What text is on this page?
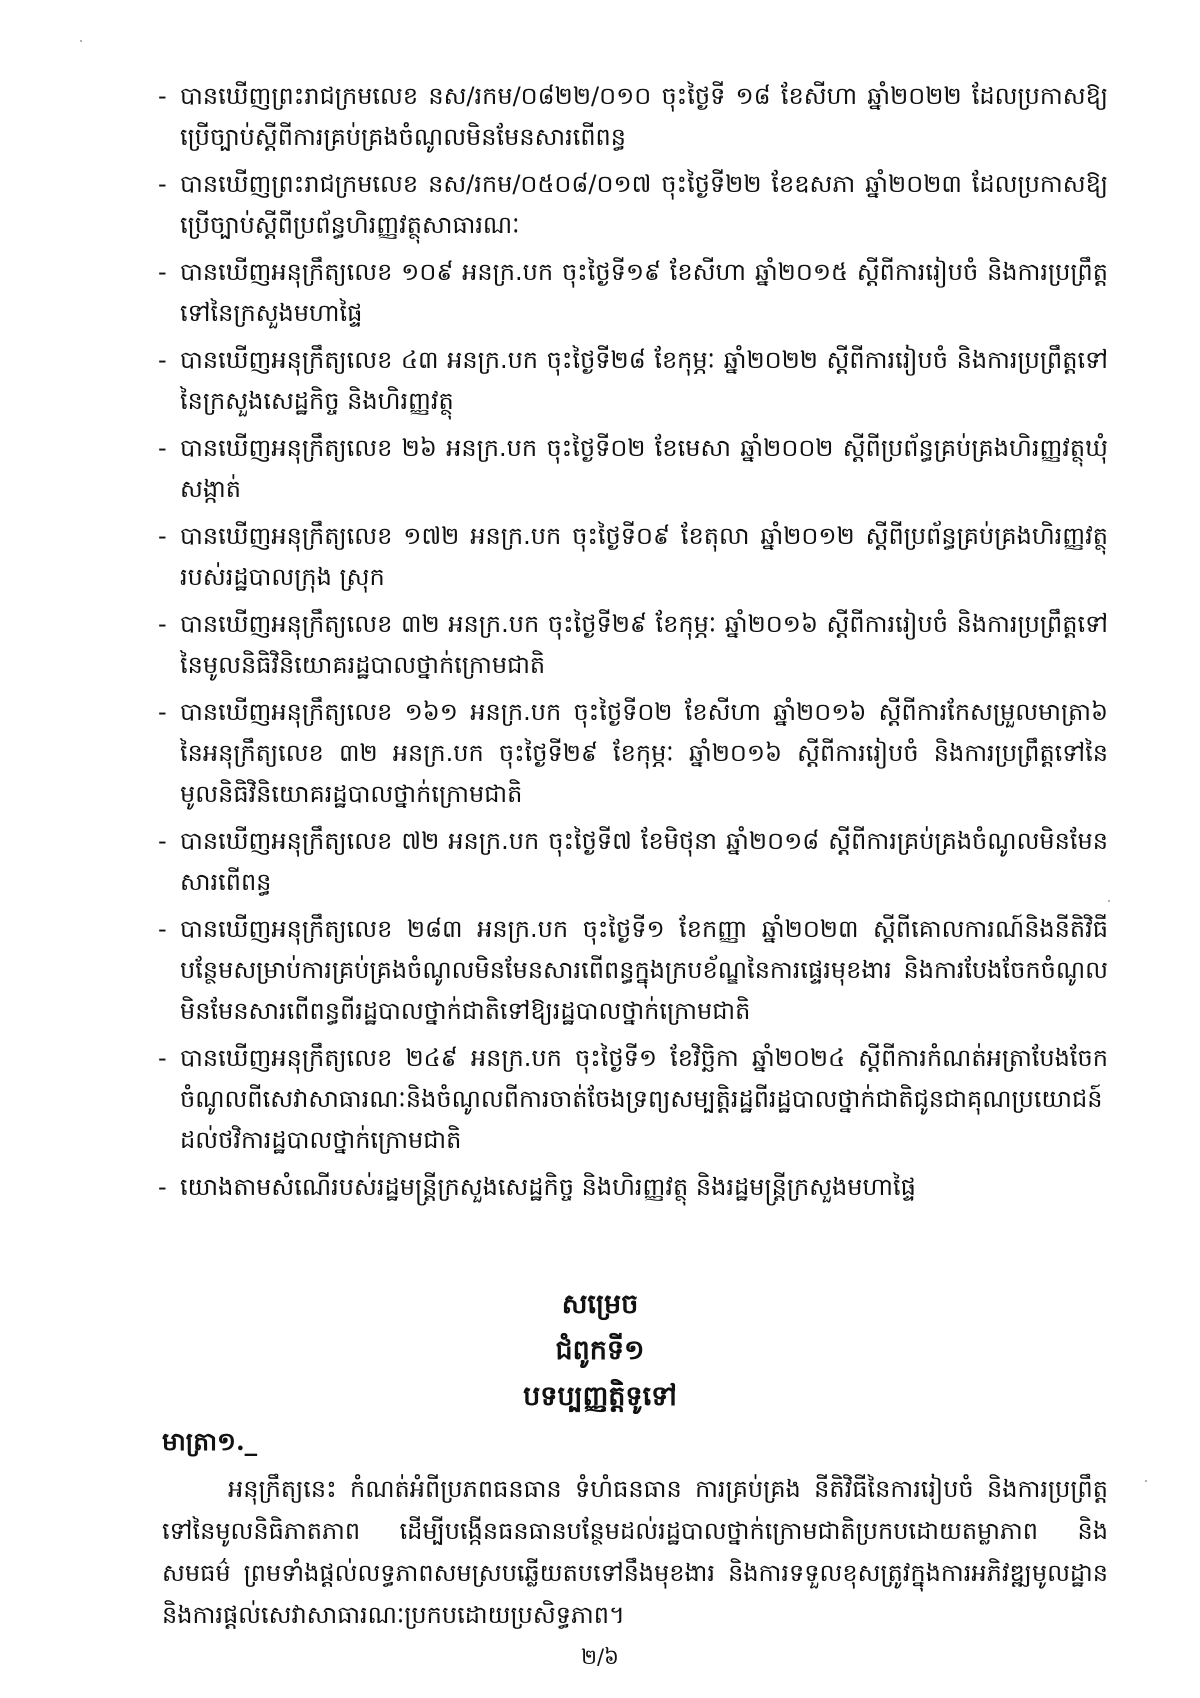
- បានឃើញព្រះរាជក្រមលេខ នស/រកម/០៨២២/០១០ ចុះថ្ងៃទី ១៨ ខែសីហា ឆ្នាំ២០២២ ដែលប្រកាសឱ្យប្រើច្បាប់ស្តីពីការគ្រប់គ្រងចំណូលមិនមែនសារពើពន្ធ
- បានឃើញព្រះរាជក្រមលេខ នស/រកម/០៥០៨/០១៧ ចុះថ្ងៃទី២២ ខែឧសភា ឆ្នាំ២០២៣ ដែលប្រកាសឱ្យប្រើច្បាប់ស្តីពីប្រព័ន្ធហិរញ្ញវត្ថុសាធារណៈ
- បានឃើញអនុក្រឹត្យលេខ ១០៩ អនក្រ.បក ចុះថ្ងៃទី១៩ ខែសីហា ឆ្នាំ២០១៥ ស្តីពីការរៀបចំ និងការប្រព្រឹត្តទៅនៃក្រសួងមហាផ្ទៃ
- បានឃើញអនុក្រឹត្យលេខ ៤៣ អនក្រ.បក ចុះថ្ងៃទី២៨ ខែកុម្ភៈ ឆ្នាំ២០២២ ស្តីពីការរៀបចំ និងការប្រព្រឹត្តទៅនៃក្រសួងសេដ្ឋកិច្ច និងហិរញ្ញវត្ថុ
- បានឃើញអនុក្រឹត្យលេខ ២៦ អនក្រ.បក ចុះថ្ងៃទី០២ ខែមេសា ឆ្នាំ២០០២ ស្តីពីប្រព័ន្ធគ្រប់គ្រងហិរញ្ញវត្ថុឃុំ សង្កាត់
- បានឃើញអនុក្រឹត្យលេខ ១៧២ អនក្រ.បក ចុះថ្ងៃទី០៩ ខែតុលា ឆ្នាំ២០១២ ស្តីពីប្រព័ន្ធគ្រប់គ្រងហិរញ្ញវត្ថុរបស់រដ្ឋបាលក្រុង ស្រុក
- បានឃើញអនុក្រឹត្យលេខ ៣២ អនក្រ.បក ចុះថ្ងៃទី២៩ ខែកុម្ភៈ ឆ្នាំ២០១៦ ស្តីពីការរៀបចំ និងការប្រព្រឹត្តទៅនៃមូលនិធិវិនិយោគរដ្ឋបាលថ្នាក់ក្រោមជាតិ
- បានឃើញអនុក្រឹត្យលេខ ១៦១ អនក្រ.បក ចុះថ្ងៃទី០២ ខែសីហា ឆ្នាំ២០១៦ ស្តីពីការកែសម្រួលមាត្រា៦ នៃអនុក្រឹត្យលេខ ៣២ អនក្រ.បក ចុះថ្ងៃទី២៩ ខែកុម្ភៈ ឆ្នាំ២០១៦ ស្តីពីការរៀបចំ និងការប្រព្រឹត្តទៅនៃមូលនិធិវិនិយោគរដ្ឋបាលថ្នាក់ក្រោមជាតិ
- បានឃើញអនុក្រឹត្យលេខ ៧២ អនក្រ.បក ចុះថ្ងៃទី៧ ខែមិថុនា ឆ្នាំ២០១៨ ស្តីពីការគ្រប់គ្រងចំណូលមិនមែនសារពើពន្ធ
- បានឃើញអនុក្រឹត្យលេខ ២៨៣ អនក្រ.បក ចុះថ្ងៃទី១ ខែកញ្ញា ឆ្នាំ២០២៣ ស្តីពីគោលការណ៍និងនីតិវិធីបន្ថែមសម្រាប់ការគ្រប់គ្រងចំណូលមិនមែនសារពើពន្ធក្នុងក្របខ័ណ្ឌនៃការផ្ទេរមុខងារ និងការបែងចែកចំណូលមិនមែនសារពើពន្ធពីរដ្ឋបាលថ្នាក់ជាតិទៅឱ្យរដ្ឋបាលថ្នាក់ក្រោមជាតិ
- បានឃើញអនុក្រឹត្យលេខ ២៤៩ អនក្រ.បក ចុះថ្ងៃទី១ ខែវិច្ឆិកា ឆ្នាំ២០២៤ ស្តីពីការកំណត់អត្រាបែងចែកចំណូលពីសេវាសាធារណៈនិងចំណូលពីការចាត់ចែងទ្រព្យសម្បត្តិរដ្ឋពីរដ្ឋបាលថ្នាក់ជាតិជូនជាគុណប្រយោជន៍ដល់ថវិការដ្ឋបាលថ្នាក់ក្រោមជាតិ
- យោងតាមសំណើរបស់រដ្ឋមន្ត្រីក្រសួងសេដ្ឋកិច្ច និងហិរញ្ញវត្ថុ និងរដ្ឋមន្ត្រីក្រសួងមហាផ្ទៃ

សម្រេច

ជំពូកទី១

បទប្បញ្ញត្តិទូទៅ

មាត្រា១._

អនុក្រឹត្យនេះ កំណត់អំពីប្រភពធនធាន ទំហំធនធាន ការគ្រប់គ្រង នីតិវិធីនៃការរៀបចំ និងការប្រព្រឹត្តទៅនៃមូលនិធិភាតភាព ដើម្បីបង្កើនធនធានបន្ថែមដល់រដ្ឋបាលថ្នាក់ក្រោមជាតិប្រកបដោយតម្លាភាព និងសមធម៌ ព្រមទាំងផ្តល់លទ្ធភាពសមស្របឆ្លើយតបទៅនឹងមុខងារ និងការទទួលខុសត្រូវក្នុងការអភិវឌ្ឍមូលដ្ឋាន និងការផ្តល់សេវាសាធារណៈប្រកបដោយប្រសិទ្ធភាព។

២/៦
